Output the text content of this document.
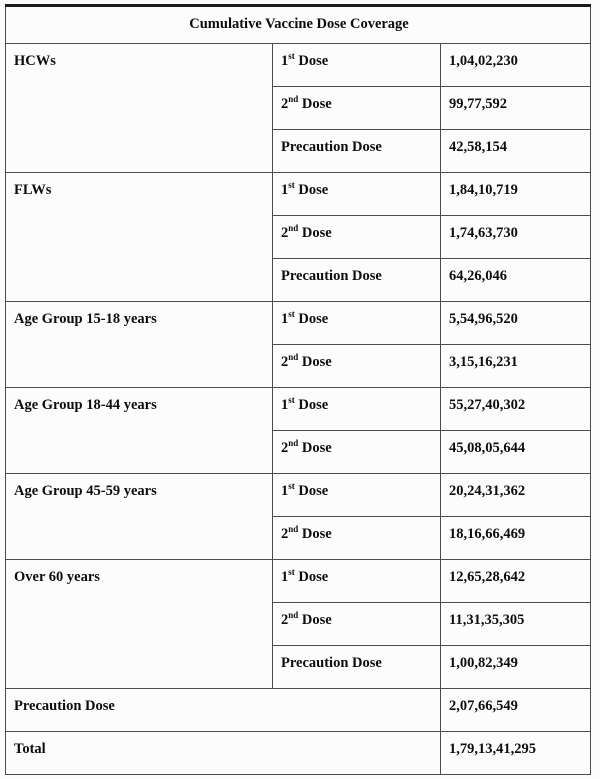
Cumulative Vaccine Dose Coverage		
HCWs	1st Dose	1,04,02,230
	2nd Dose	99,77,592
	Precaution Dose	42,58,154
FLWs	1st Dose	1,84,10,719
	2nd Dose	1,74,63,730
	Precaution Dose	64,26,046
Age Group 15-18 years	1st Dose	5,54,96,520
	2nd Dose	3,15,16,231
Age Group 18-44 years	1st Dose	55,27,40,302
	2nd Dose	45,08,05,644
Age Group 45-59 years	1st Dose	20,24,31,362
	2nd Dose	18,16,66,469
Over 60 years	1st Dose	12,65,28,642
	2nd Dose	11,31,35,305
	Precaution Dose	1,00,82,349
Precaution Dose		2,07,66,549
Total		1,79,13,41,295
